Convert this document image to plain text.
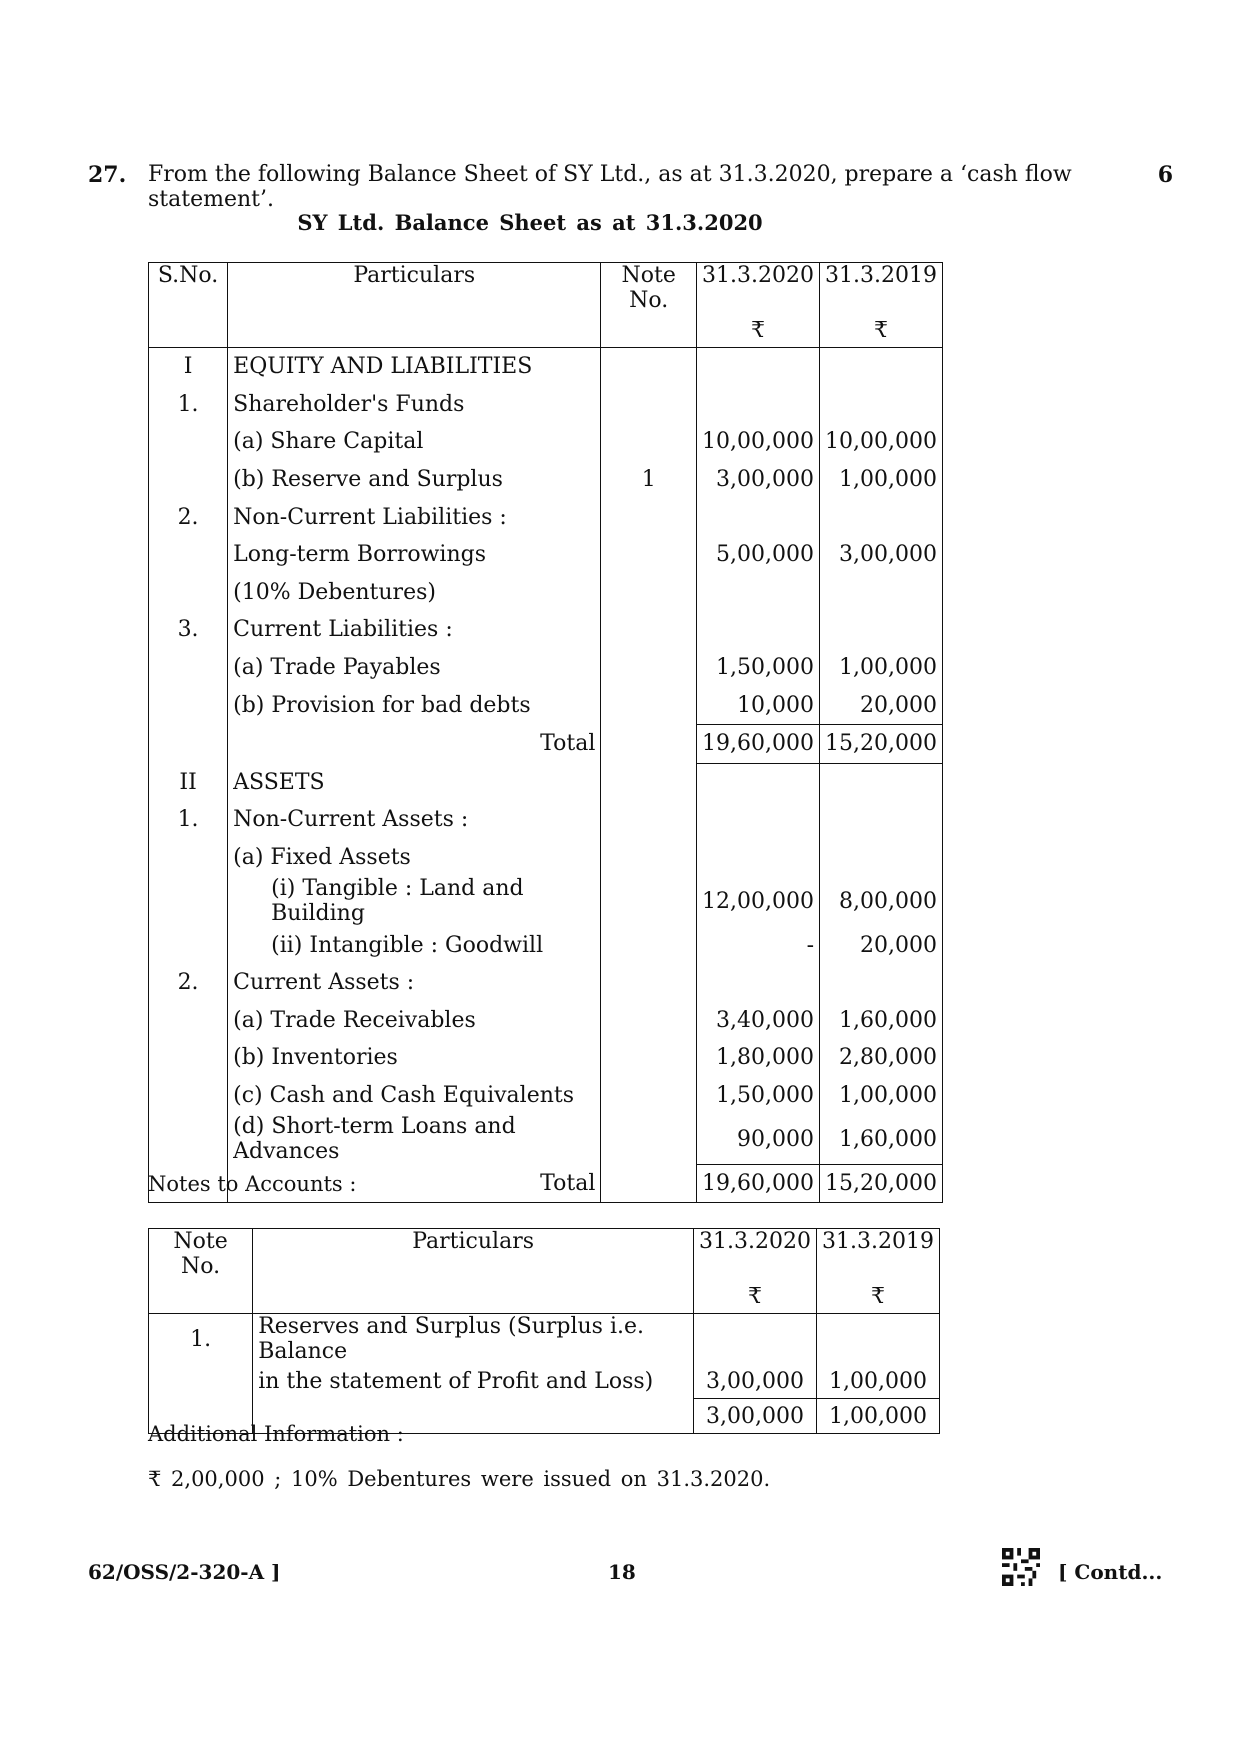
27. From the following Balance Sheet of SY Ltd., as at 31.3.2020, prepare a ‘cash flow statement’.
6
SY Ltd. Balance Sheet as at 31.3.2020
S.No.	Particulars	Note No.	31.3.2020	31.3.2019
			₹	₹
I	EQUITY AND LIABILITIES			
1.	Shareholder's Funds			
	(a) Share Capital		10,00,000	10,00,000
	(b) Reserve and Surplus	1	3,00,000	1,00,000
2.	Non-Current Liabilities :			
	Long-term Borrowings		5,00,000	3,00,000
	(10% Debentures)			
3.	Current Liabilities :			
	(a) Trade Payables		1,50,000	1,00,000
	(b) Provision for bad debts		10,000	20,000
	Total		19,60,000	15,20,000
II	ASSETS			
1.	Non-Current Assets :			
	(a) Fixed Assets			
	(i) Tangible : Land and Building		12,00,000	8,00,000
	(ii) Intangible : Goodwill		-	20,000
2.	Current Assets :			
	(a) Trade Receivables		3,40,000	1,60,000
	(b) Inventories		1,80,000	2,80,000
	(c) Cash and Cash Equivalents		1,50,000	1,00,000
	(d) Short-term Loans and Advances		90,000	1,60,000
	Total		19,60,000	15,20,000
Notes to Accounts :
Note No.	Particulars	31.3.2020	31.3.2019
		₹	₹
1.	Reserves and Surplus (Surplus i.e. Balance		
	in the statement of Profit and Loss)	3,00,000	1,00,000
		3,00,000	1,00,000
Additional Information :
₹ 2,00,000 ; 10% Debentures were issued on 31.3.2020.
62/OSS/2-320-A ]	18	[ Contd...
